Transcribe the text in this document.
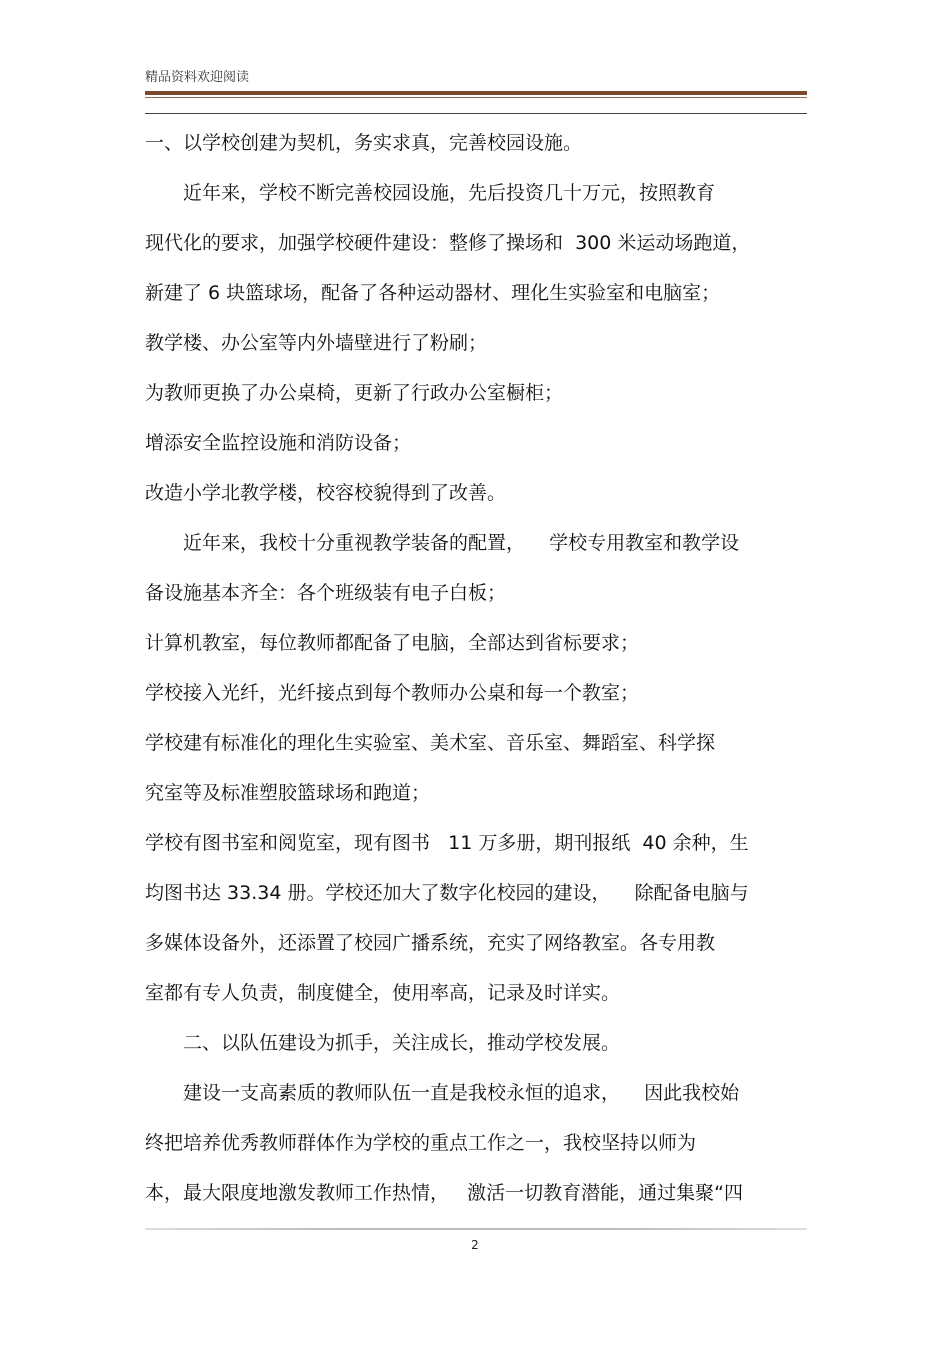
精品资料欢迎阅读
一、以学校创建为契机，务实求真，完善校园设施。
　　近年来，学校不断完善校园设施，先后投资几十万元，按照教育
现代化的要求，加强学校硬件建设：整修了操场和  300 米运动场跑道，
新建了 6 块篮球场，配备了各种运动器材、理化生实验室和电脑室；
教学楼、办公室等内外墙壁进行了粉刷；
为教师更换了办公桌椅，更新了行政办公室橱柜；
增添安全监控设施和消防设备；
改造小学北教学楼，校容校貌得到了改善。
　　近年来，我校十分重视教学装备的配置，    学校专用教室和教学设
备设施基本齐全：各个班级装有电子白板；
计算机教室，每位教师都配备了电脑，全部达到省标要求；
学校接入光纤，光纤接点到每个教师办公桌和每一个教室；
学校建有标准化的理化生实验室、美术室、音乐室、舞蹈室、科学探
究室等及标准塑胶篮球场和跑道；
学校有图书室和阅览室，现有图书   11 万多册，期刊报纸  40 余种，生
均图书达 33.34 册。学校还加大了数字化校园的建设，    除配备电脑与
多媒体设备外，还添置了校园广播系统，充实了网络教室。各专用教
室都有专人负责，制度健全，使用率高，记录及时详实。
　　二、以队伍建设为抓手，关注成长，推动学校发展。
　　建设一支高素质的教师队伍一直是我校永恒的追求，    因此我校始
终把培养优秀教师群体作为学校的重点工作之一，我校坚持以师为
本，最大限度地激发教师工作热情，   激活一切教育潜能，通过集聚“四
2
